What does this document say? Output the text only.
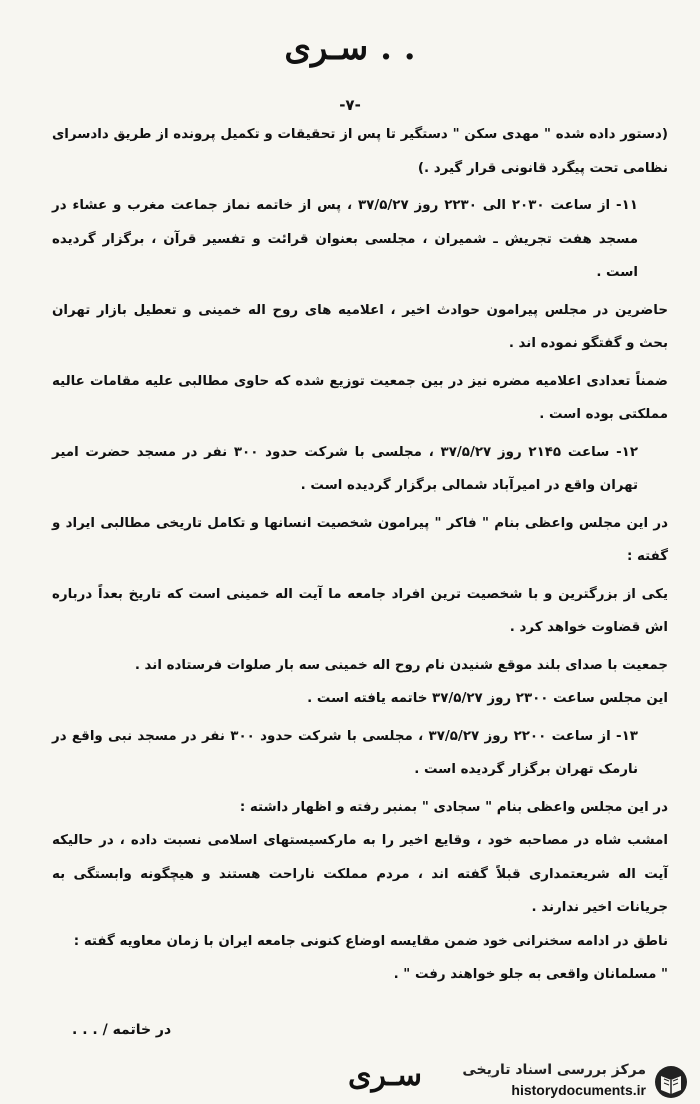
سـری . .
-۷-

(دستور داده شده " مهدی سکن " دستگیر تا پس از تحقیقات و تکمیل پرونده از طریق دادسرای نظامی تحت پیگرد قانونی قرار گیرد .)

۱۱- از ساعت ۲۰۳۰ الی ۲۲۳۰ روز ۳۷/۵/۲۷ ، پس از خاتمه نماز جماعت مغرب و عشاء در مسجد هفت تجریش ـ شمیران ، مجلسی بعنوان قرائت و تفسیر قرآن ، برگزار گردیده است .

حاضرین در مجلس پیرامون حوادث اخیر ، اعلامیه های روح اله خمینی و تعطیل بازار تهران بحث و گفتگو نموده اند .

ضمناً تعدادی اعلامیه مضره نیز در بین جمعیت توزیع شده که حاوی مطالبی علیه مقامات عالیه مملکتی بوده است .

۱۲- ساعت ۲۱۴۵ روز ۳۷/۵/۲۷ ، مجلسی با شرکت حدود ۳۰۰ نفر در مسجد حضرت امیر تهران واقع در امیرآباد شمالی برگزار گردیده است .

در این مجلس واعظی بنام " فاکر " پیرامون شخصیت انسانها و تکامل تاریخی مطالبی ایراد و گفته :

یکی از بزرگترین و با شخصیت ترین افراد جامعه ما آیت اله خمینی است که تاریخ بعداً درباره اش قضاوت خواهد کرد .

جمعیت با صدای بلند موقع شنیدن نام روح اله خمینی سه بار صلوات فرستاده اند .

این مجلس ساعت ۲۳۰۰ روز ۳۷/۵/۲۷ خاتمه یافته است .

۱۳- از ساعت ۲۲۰۰ روز ۳۷/۵/۲۷ ، مجلسی با شرکت حدود ۳۰۰ نفر در مسجد نبی واقع در نارمک تهران برگزار گردیده است .

در این مجلس واعظی بنام " سجادی " بمنبر رفته و اظهار داشته :

امشب شاه در مصاحبه خود ، وقایع اخیر را به مارکسیستهای اسلامی نسبت داده ، در حالیکه آیت اله شریعتمداری قبلاً گفته اند ، مردم مملکت ناراحت هستند و هیچگونه وابستگی به جریانات اخیر ندارند .

ناطق در ادامه سخنرانی خود ضمن مقایسه اوضاع کنونی جامعه ایران با زمان معاویه گفته :

" مسلمانان واقعی به جلو خواهند رفت " .

در خاتمه / . . .
سـری	مرکز بررسی اسناد تاریخی
historydocuments.ir
